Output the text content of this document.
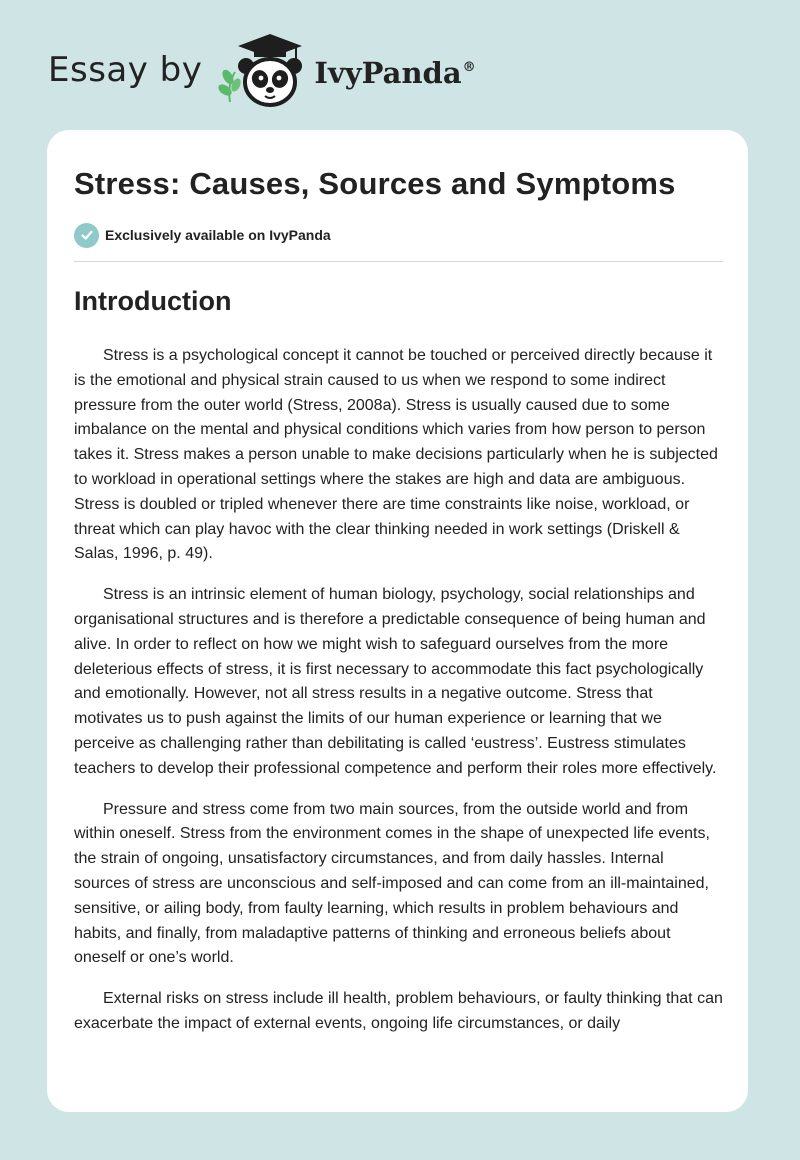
Essay by	IvyPanda®
Stress: Causes, Sources and Symptoms
Exclusively available on IvyPanda
Introduction

Stress is a psychological concept it cannot be touched or perceived directly because it is the emotional and physical strain caused to us when we respond to some indirect pressure from the outer world (Stress, 2008a). Stress is usually caused due to some imbalance on the mental and physical conditions which varies from how person to person takes it. Stress makes a person unable to make decisions particularly when he is subjected to workload in operational settings where the stakes are high and data are ambiguous. Stress is doubled or tripled whenever there are time constraints like noise, workload, or threat which can play havoc with the clear thinking needed in work settings (Driskell & Salas, 1996, p. 49).

Stress is an intrinsic element of human biology, psychology, social relationships and organisational structures and is therefore a predictable consequence of being human and alive. In order to reflect on how we might wish to safeguard ourselves from the more deleterious effects of stress, it is first necessary to accommodate this fact psychologically and emotionally. However, not all stress results in a negative outcome. Stress that motivates us to push against the limits of our human experience or learning that we perceive as challenging rather than debilitating is called ‘eustress’. Eustress stimulates teachers to develop their professional competence and perform their roles more effectively.

Pressure and stress come from two main sources, from the outside world and from within oneself. Stress from the environment comes in the shape of unexpected life events, the strain of ongoing, unsatisfactory circumstances, and from daily hassles. Internal sources of stress are unconscious and self-imposed and can come from an ill-maintained, sensitive, or ailing body, from faulty learning, which results in problem behaviours and habits, and finally, from maladaptive patterns of thinking and erroneous beliefs about oneself or one’s world.

External risks on stress include ill health, problem behaviours, or faulty thinking that can exacerbate the impact of external events, ongoing life circumstances, or daily
